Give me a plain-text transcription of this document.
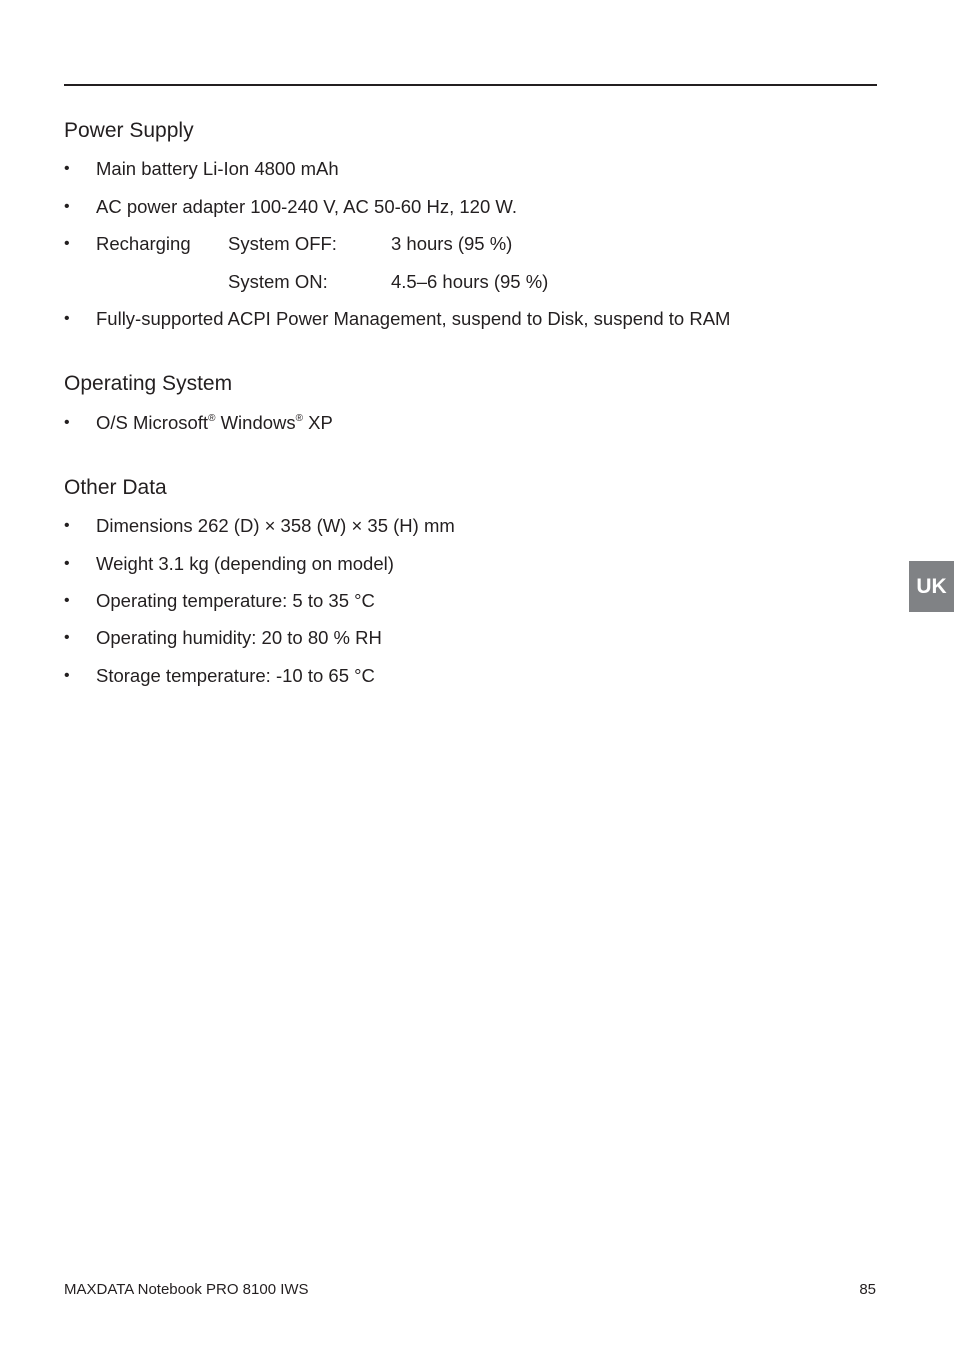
Power Supply
•	Main battery Li-Ion 4800 mAh
•	AC power adapter 100-240 V, AC 50-60 Hz, 120 W.
•	Recharging System OFF:	3 hours (95 %)
System ON:	4.5–6 hours (95 %)
•	Fully-supported ACPI Power Management, suspend to Disk, suspend to RAM
Operating System
•	O/S Microsoft® Windows® XP
Other Data
•	Dimensions 262 (D) × 358 (W) × 35 (H) mm
•	Weight 3.1 kg (depending on model)
•	Operating temperature: 5 to 35 °C
•	Operating humidity: 20 to 80 % RH
•	Storage temperature: -10 to 65 °C
UK
MAXDATA Notebook PRO 8100 IWS	85
